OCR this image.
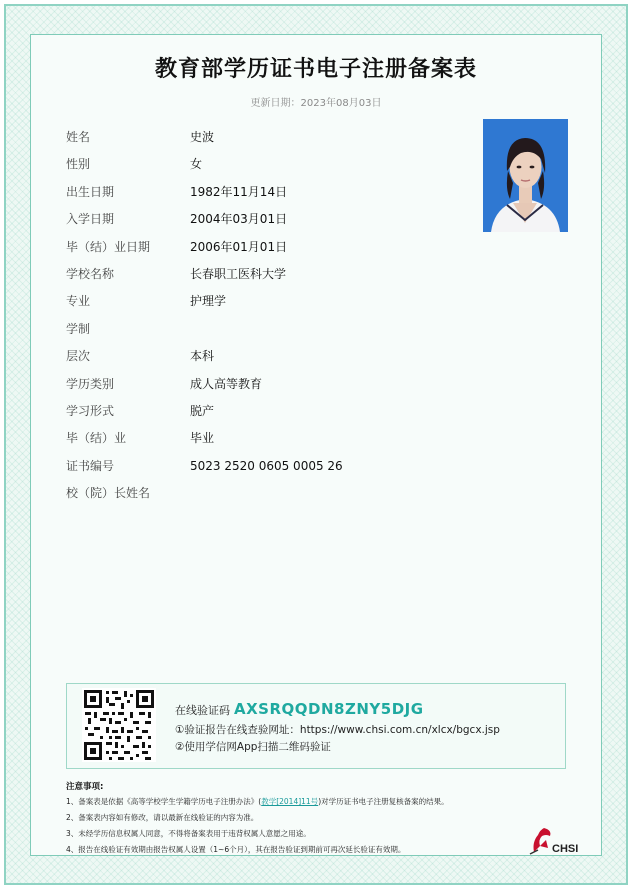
教育部学历证书电子注册备案表
更新日期：2023年08月03日
姓名	史波
性别	女
出生日期	1982年11月14日
入学日期	2004年03月01日
毕（结）业日期	2006年01月01日
学校名称	长春职工医科大学
专业	护理学
学制
层次	本科
学历类别	成人高等教育
学习形式	脱产
毕（结）业	毕业
证书编号	5023 2520 0605 0005 26
校（院）长姓名
在线验证码 AXSRQQDN8ZNY5DJG
①验证报告在线查验网址：https://www.chsi.com.cn/xlcx/bgcx.jsp
②使用学信网App扫描二维码验证
注意事项:
1、备案表是依据《高等学校学生学籍学历电子注册办法》(教学[2014]11号)对学历证书电子注册复核备案的结果。
2、备案表内容如有修改，请以最新在线验证的内容为准。
3、未经学历信息权属人同意，不得将备案表用于违背权属人意愿之用途。
4、报告在线验证有效期由报告权属人设置（1~6个月），其在报告验证到期前可再次延长验证有效期。	CHSI
